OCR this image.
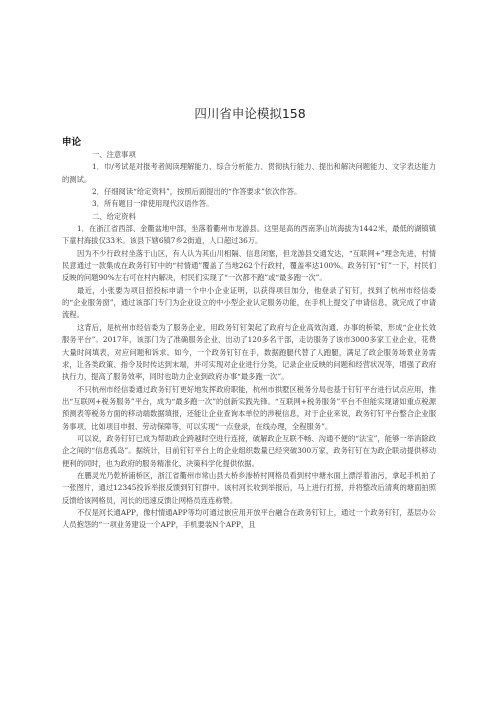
四川省申论模拟158
申论

一、注意事项

1．巾/考试是对报考者阅读理解能力、综合分析能力、贯彻执行能力、提出和解决问题能力、文字表达能力的测试。

2．仔细阅读“给定资料”，按照后面提出的“作答要求”依次作答。

3．所有题目一律使用现代汉语作答。

二、给定资料

1．在浙江省西部、金衢盆地中部，坐落着衢州市龙游县。这里是高的西南茅山坑海拔为1442米，最低的湖镇镇下童村海拔仅33米。该县下辖6镇7乡2街道，人口超过36万。

因为不少行政村坐落于山区，有人认为其山川相隔、信息闭塞，但龙游县交通发达，“互联网+”理念先进，村情民意通过一款集成在政务钉钉中的“村情通”覆盖了当地262个行政村，覆盖率达100%。政务钉钉“钉”一下，村民们反映的问题90%左右可在村内解决，村民们实现了“一次都不跑”或“最多跑一次”。

最近，小张要为项目招投标申请一个中小企业证明，以获得项目加分，他登录了钉钉，找到了杭州市经信委的“企业服务窗”，通过该部门专门为企业设立的中小型企业认定服务功能，在手机上提交了申请信息，就完成了申请流程。

这背后，是杭州市经信委为了服务企业，用政务钉钉架起了政府与企业高效沟通、办事的桥梁，形成“企业长效服务平台”。2017年，该部门为了准确服务企业，出动了120多名干部，走访服务了该市3000多家工业企业，花费大量时间填表，对应问题和诉求。如今，一个政务钉钉在手，数据跑腿代替了人跑腿，满足了政企服务场景业务需求，让各类政策、指令及时传达到末端，并可实现对企业进行分类，记录企业反映的问题和经营状况等，增强了政府执行力，提高了服务效率，同时也助力企业到政府办事“最多跑一次”。

不只杭州市经信委通过政务钉钉更好地发挥政府职能，杭州市拱墅区税务分局也基于钉钉平台进行试点应用，推出“互联网+税务服务”平台，成为“最多跑一次”的创新实践先锋。“互联网+税务服务”平台不但能实现诸如重点税源预测表等税务方面的移动端数据填报，还能让企业查询本单位的涉税信息，对于企业来说，政务钉钉平台整合企业服务事项，比如项目申报、劳动保障等，可以实现“一点登录，在线办理，全程服务”。

可以说，政务钉钉已成为帮助政企跨越时空进行连接，破解政企互联不畅、沟通不便的“法宝”，能够一举消除政企之间的“信息孤岛”。据统计，目前钉钉平台上的企业组织数量已经突破300万家，政务钉钉在为政企联动提供移动便利的同时，也为政府的服务精准化、决策科学化提供依据。

在鹏灵光乃乾桥浦桥区，浙江省衢州市常山县大桥乡渗桥村网格员看到村中塘水面上漂浮着油污，拿起手机拍了一张图片，通过12345投诉举报反馈到钉钉群中。该村河长收到举报后，马上进行打捞，并将整改后清爽的塘面拍照反馈给该网格员，河长的迅速反馈让网格员连连称赞。

不仅是河长通APP，像村情通APP等均可通过嵌应用开放平台融合在政务钉钉上，通过一个政务钉钉，基层办公人员抱怨的“一项业务建设一个APP，手机要装N个APP，且
